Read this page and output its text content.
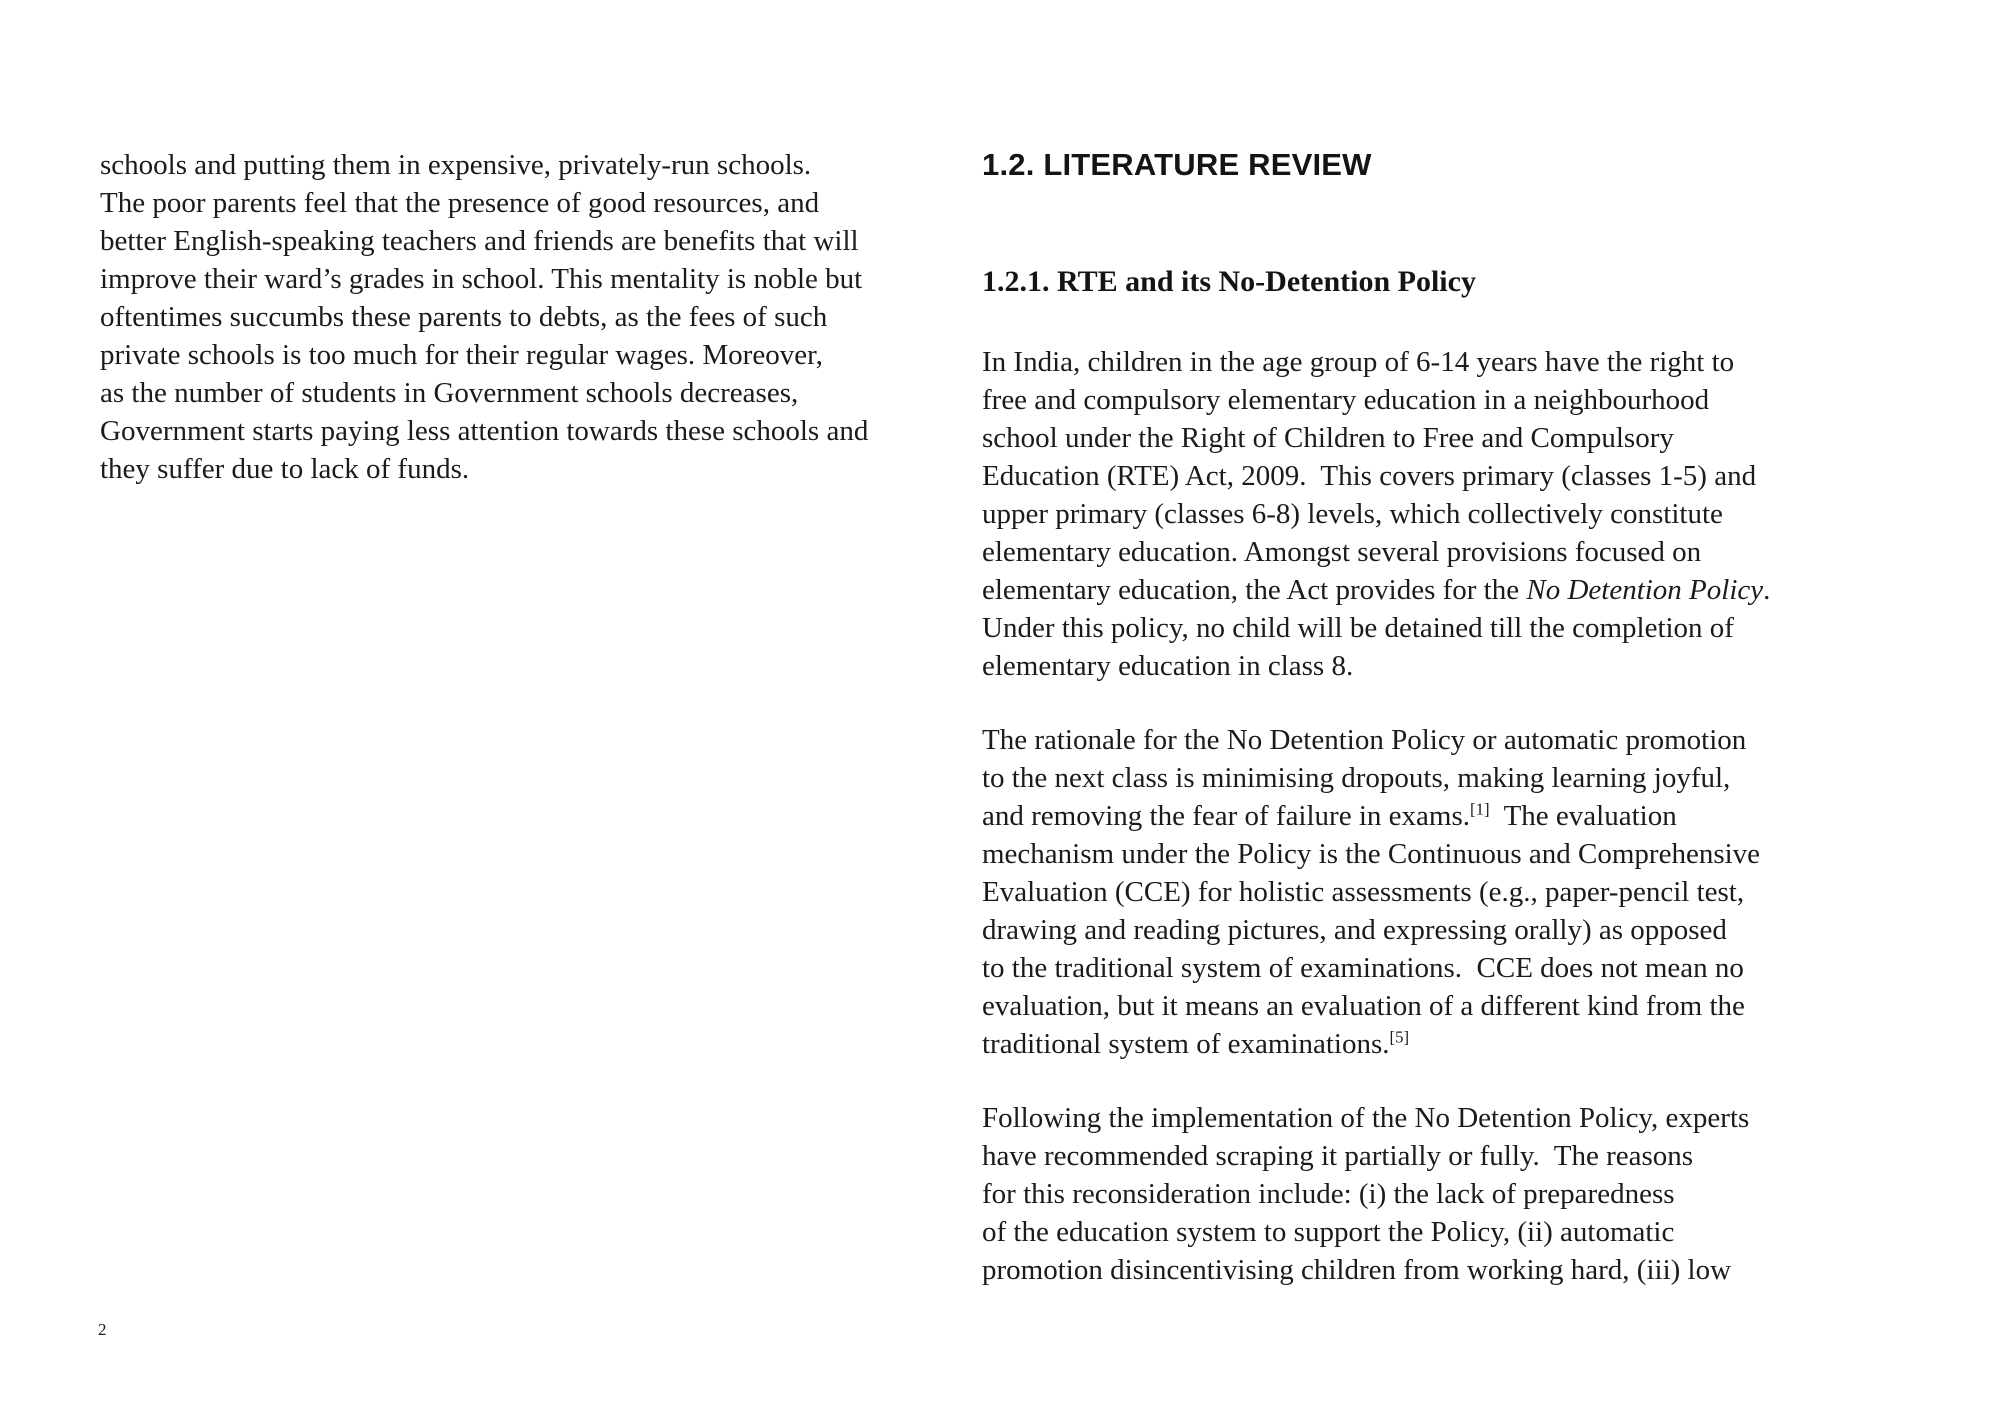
schools and putting them in expensive, privately-run schools.
The poor parents feel that the presence of good resources, and
better English-speaking teachers and friends are benefits that will
improve their ward’s grades in school. This mentality is noble but
oftentimes succumbs these parents to debts, as the fees of such
private schools is too much for their regular wages. Moreover,
as the number of students in Government schools decreases,
Government starts paying less attention towards these schools and
they suffer due to lack of funds.
1.2. LITERATURE REVIEW
1.2.1. RTE and its No-Detention Policy
In India, children in the age group of 6-14 years have the right to
free and compulsory elementary education in a neighbourhood
school under the Right of Children to Free and Compulsory
Education (RTE) Act, 2009.  This covers primary (classes 1-5) and
upper primary (classes 6-8) levels, which collectively constitute
elementary education. Amongst several provisions focused on
elementary education, the Act provides for the No Detention Policy.
Under this policy, no child will be detained till the completion of
elementary education in class 8.
The rationale for the No Detention Policy or automatic promotion
to the next class is minimising dropouts, making learning joyful,
and removing the fear of failure in exams.[1]  The evaluation
mechanism under the Policy is the Continuous and Comprehensive
Evaluation (CCE) for holistic assessments (e.g., paper-pencil test,
drawing and reading pictures, and expressing orally) as opposed
to the traditional system of examinations.  CCE does not mean no
evaluation, but it means an evaluation of a different kind from the
traditional system of examinations.[5]
Following the implementation of the No Detention Policy, experts
have recommended scraping it partially or fully.  The reasons
for this reconsideration include: (i) the lack of preparedness
of the education system to support the Policy, (ii) automatic
promotion disincentivising children from working hard, (iii) low
2
